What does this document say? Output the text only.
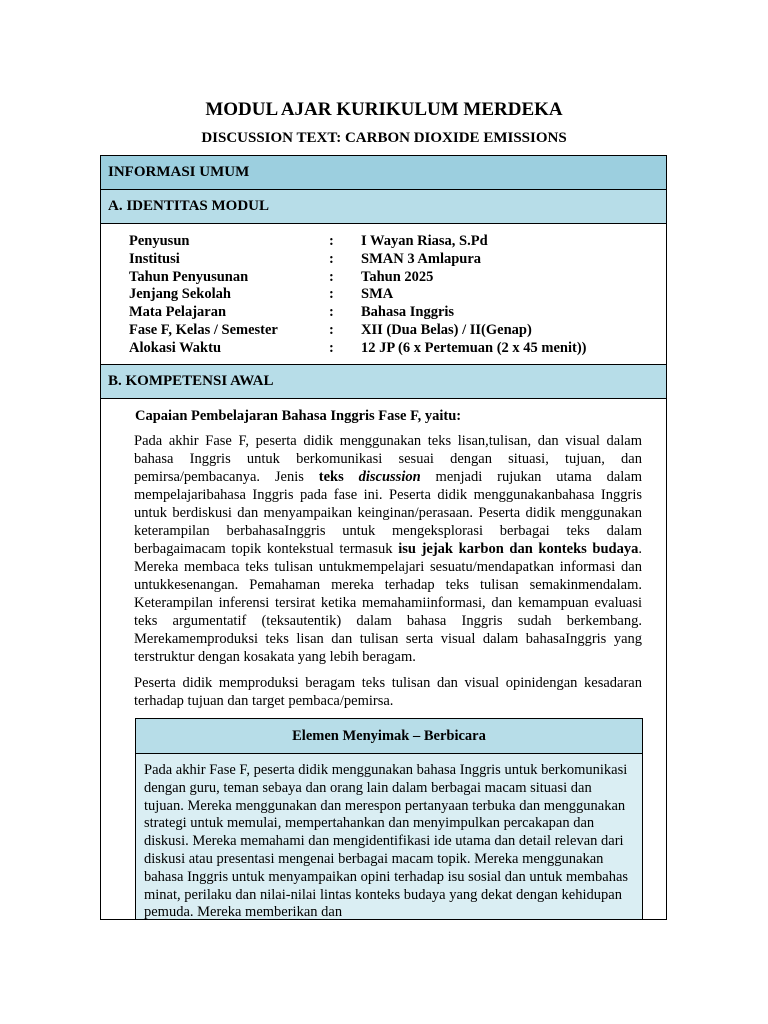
MODUL AJAR KURIKULUM MERDEKA
DISCUSSION TEXT: CARBON DIOXIDE EMISSIONS
INFORMASI UMUM
A. IDENTITAS MODUL
Penyusun	:	I Wayan Riasa, S.Pd
Institusi	:	SMAN 3 Amlapura
Tahun Penyusunan	:	Tahun 2025
Jenjang Sekolah	:	SMA
Mata Pelajaran	:	Bahasa Inggris
Fase F, Kelas / Semester	:	XII (Dua Belas) / II(Genap)
Alokasi Waktu	:	12 JP (6 x Pertemuan (2 x 45 menit))
B. KOMPETENSI AWAL
Capaian Pembelajaran Bahasa Inggris Fase F, yaitu:

Pada akhir Fase F, peserta didik menggunakan teks lisan,tulisan, dan visual dalam bahasa Inggris untuk berkomunikasi sesuai dengan situasi, tujuan, dan pemirsa/pembacanya. Jenis teks discussion menjadi rujukan utama dalam mempelajaribahasa Inggris pada fase ini. Peserta didik menggunakanbahasa Inggris untuk berdiskusi dan menyampaikan keinginan/perasaan. Peserta didik menggunakan keterampilan berbahasaInggris untuk mengeksplorasi berbagai teks dalam berbagaimacam topik kontekstual termasuk isu jejak karbon dan konteks budaya. Mereka membaca teks tulisan untukmempelajari sesuatu/mendapatkan informasi dan untukkesenangan. Pemahaman mereka terhadap teks tulisan semakinmendalam. Keterampilan inferensi tersirat ketika memahamiinformasi, dan kemampuan evaluasi teks argumentatif (teksautentik) dalam bahasa Inggris sudah berkembang. Merekamemproduksi teks lisan dan tulisan serta visual dalam bahasaInggris yang terstruktur dengan kosakata yang lebih beragam.

Peserta didik memproduksi beragam teks tulisan dan visual opinidengan kesadaran terhadap tujuan dan target pembaca/pemirsa.

Elemen Menyimak – Berbicara
Pada akhir Fase F, peserta didik menggunakan bahasa Inggris untuk berkomunikasi dengan guru, teman sebaya dan orang lain dalam berbagai macam situasi dan tujuan. Mereka menggunakan dan merespon pertanyaan terbuka dan menggunakan strategi untuk memulai, mempertahankan dan menyimpulkan percakapan dan diskusi. Mereka memahami dan mengidentifikasi ide utama dan detail relevan dari diskusi atau presentasi mengenai berbagai macam topik. Mereka menggunakan bahasa Inggris untuk menyampaikan opini terhadap isu sosial dan untuk membahas minat, perilaku dan nilai-nilai lintas konteks budaya yang dekat dengan kehidupan pemuda. Mereka memberikan dan
